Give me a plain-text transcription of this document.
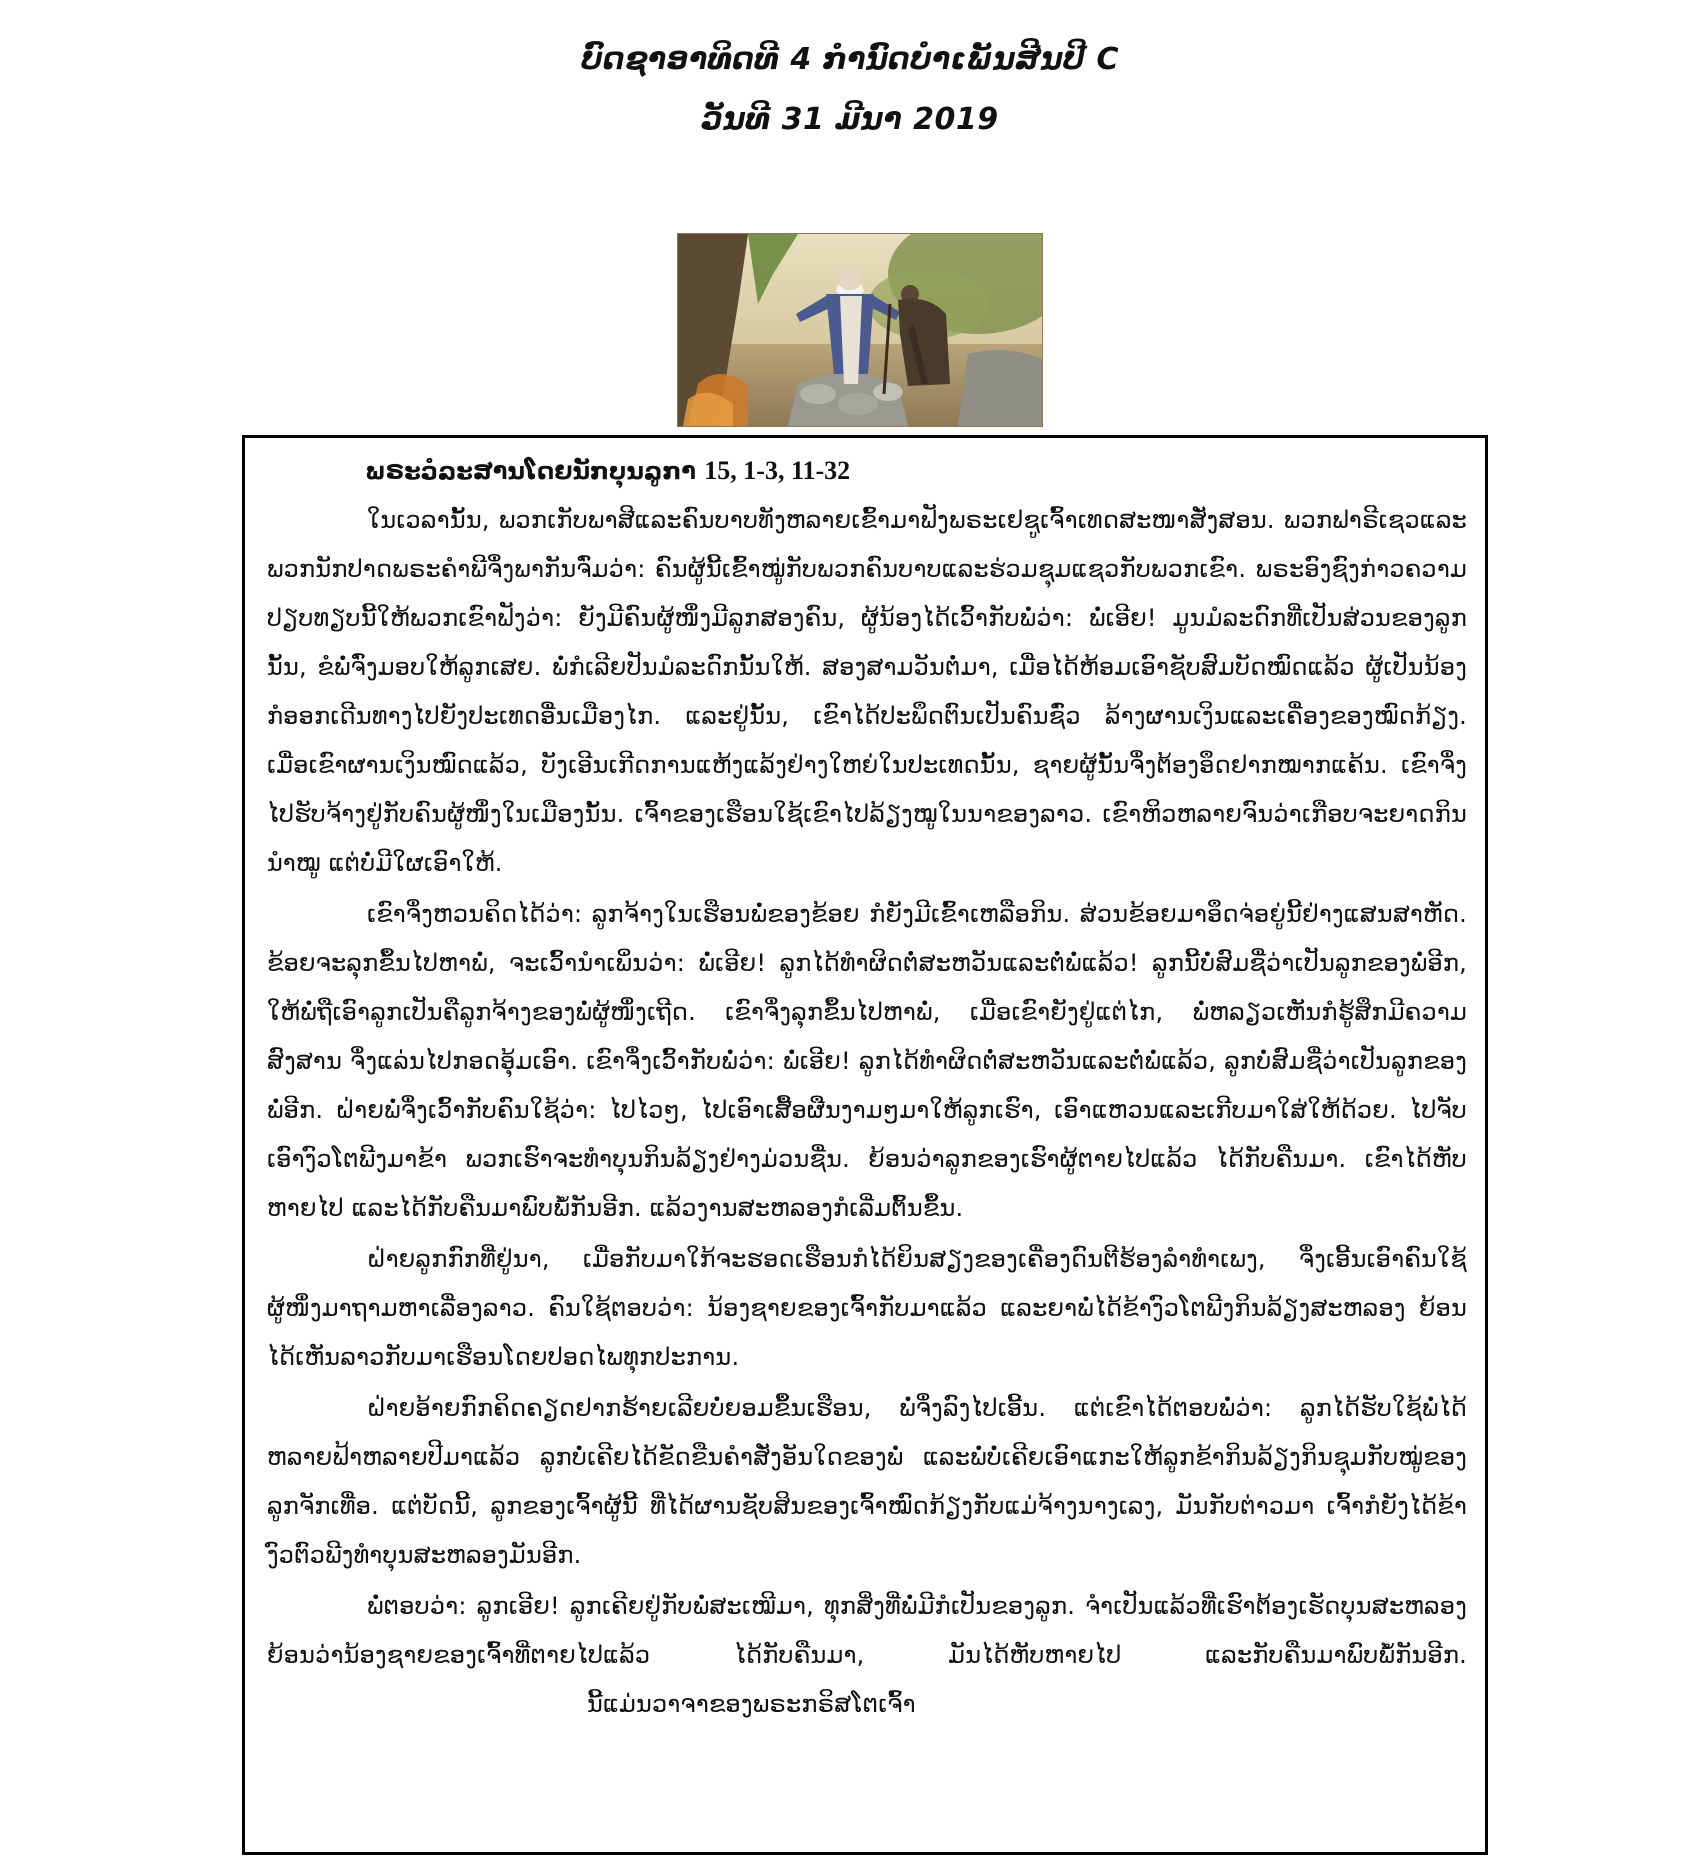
ບົດຊາອາທິດທີ 4 ກຳນົດບຳເພັນສີນປີ C
ວັນທີ 31 ມີນາ 2019
ພຣະວໍລະສານໂດຍນັກບຸນລູກາ 15, 1-3, 11-32

ໃນເວລານັ້ນ, ພວກເກັບພາສີແລະຄົນບາບທັງຫລາຍເຂົ້າມາຟັງພຣະເຢຊູເຈົ້າເທດສະໜາສັ່ງສອນ. ພວກຟາຣີເຊວແລະພວກນັກປາດພຣະຄຳພີຈຶ່ງພາກັນຈົ່ມວ່າ: ຄົນຜູ້ນີ້ເຂົ້າໝູ່ກັບພວກຄົນບາບແລະຮ່ວມຊຸມແຊວກັບພວກເຂົາ. ພຣະອົງຊົງກ່າວຄວາມປຽບທຽບນີ້ໃຫ້ພວກເຂົາຟັງວ່າ: ຍັງມີຄົນຜູ້ໜຶ່ງມີລູກສອງຄົນ, ຜູ້ນ້ອງໄດ້ເວົ້າກັບພໍ່ວ່າ: ພໍ່ເອີຍ! ມູນມໍລະດົກທີ່ເປັນສ່ວນຂອງລູກນັ້ນ, ຂໍພໍ່ຈົ່ງມອບໃຫ້ລູກເສຍ. ພໍ່ກໍເລີຍປັນມໍລະດົກນັ້ນໃຫ້. ສອງສາມວັນຕໍ່ມາ, ເມື່ອໄດ້ຫ້ອມເອົາຊັບສົມບັດໝົດແລ້ວ ຜູ້ເປັນນ້ອງກໍອອກເດີນທາງໄປຍັງປະເທດອື່ນເມືອງໄກ. ແລະຢູ່ນັ້ນ, ເຂົາໄດ້ປະພຶດຕົນເປັນຄົນຊົ່ວ ລ້າງຜານເງິນແລະເຄື່ອງຂອງໝົດກ້ຽງ. ເມື່ອເຂົາຜານເງິນໝົດແລ້ວ, ບັງເອີນເກີດການແຫ້ງແລ້ງຢ່າງໃຫຍ່ໃນປະເທດນັ້ນ, ຊາຍຜູ້ນັ້ນຈຶ່ງຕ້ອງອຶດຢາກໝາກແຄ້ນ. ເຂົາຈຶ່ງໄປຮັບຈ້າງຢູ່ກັບຄົນຜູ້ໜຶ່ງໃນເມືອງນັ້ນ. ເຈົ້າຂອງເຮືອນໃຊ້ເຂົາໄປລ້ຽງໝູໃນນາຂອງລາວ. ເຂົາຫິວຫລາຍຈົນວ່າເກືອບຈະຍາດກິນນຳໝູ ແຕ່ບໍ່ມີໃຜເອົາໃຫ້.

ເຂົາຈຶ່ງຫວນຄິດໄດ້ວ່າ: ລູກຈ້າງໃນເຮືອນພໍ່ຂອງຂ້ອຍ ກໍຍັງມີເຂົ້າເຫລືອກິນ. ສ່ວນຂ້ອຍມາອຶດຈ່ອຍູ່ນີ້ຢ່າງແສນສາຫັດ. ຂ້ອຍຈະລຸກຂຶ້ນໄປຫາພໍ່, ຈະເວົ້ານຳເພິ່ນວ່າ: ພໍ່ເອີຍ! ລູກໄດ້ທຳຜິດຕໍ່ສະຫວັນແລະຕໍ່ພໍ່ແລ້ວ! ລູກນີ້ບໍ່ສົມຊື່ວ່າເປັນລູກຂອງພໍ່ອີກ, ໃຫ້ພໍ່ຖືເອົາລູກເປັນຄືລູກຈ້າງຂອງພໍ່ຜູ້ໜຶ່ງເຖີດ. ເຂົາຈຶ່ງລຸກຂຶ້ນໄປຫາພໍ່, ເມື່ອເຂົາຍັງຢູ່ແຕ່ໄກ, ພໍ່ຫລຽວເຫັນກໍຮູ້ສຶກມີຄວາມສົງສານ ຈຶ່ງແລ່ນໄປກອດອຸ້ມເອົາ. ເຂົາຈຶ່ງເວົ້າກັບພໍ່ວ່າ: ພໍ່ເອີຍ! ລູກໄດ້ທຳຜິດຕໍ່ສະຫວັນແລະຕໍ່ພໍ່ແລ້ວ, ລູກບໍ່ສົມຊື່ວ່າເປັນລູກຂອງພໍ່ອີກ. ຝ່າຍພໍ່ຈຶ່ງເວົ້າກັບຄົນໃຊ້ວ່າ: ໄປໄວໆ, ໄປເອົາເສື້ອຜືນງາມໆມາໃຫ້ລູກເຮົາ, ເອົາແຫວນແລະເກີບມາໃສ່ໃຫ້ດ້ວຍ. ໄປຈັບເອົາງົວໂຕພີງມາຂ້າ ພວກເຮົາຈະທຳບຸນກິນລ້ຽງຢ່າງມ່ວນຊື່ນ. ຍ້ອນວ່າລູກຂອງເຮົາຜູ້ຕາຍໄປແລ້ວ ໄດ້ກັບຄືນມາ. ເຂົາໄດ້ຫັບຫາຍໄປ ແລະໄດ້ກັບຄືນມາພົບພໍ້ກັນອີກ. ແລ້ວງານສະຫລອງກໍເລີ່ມຕົ້ນຂຶ້ນ.

ຝ່າຍລູກກົກທີ່ຢູ່ນາ, ເມື່ອກັບມາໃກ້ຈະຮອດເຮືອນກໍໄດ້ຍິນສຽງຂອງເຄື່ອງດົນຕີຮ້ອງລຳທຳເພງ, ຈຶ່ງເອີ້ນເອົາຄົນໃຊ້ຜູ້ໜຶ່ງມາຖາມຫາເລື່ອງລາວ. ຄົນໃຊ້ຕອບວ່າ: ນ້ອງຊາຍຂອງເຈົ້າກັບມາແລ້ວ ແລະຍາພໍ່ໄດ້ຂ້າງົວໂຕພີງກິນລ້ຽງສະຫລອງ ຍ້ອນໄດ້ເຫັນລາວກັບມາເຮືອນໂດຍປອດໄພທຸກປະການ.

ຝ່າຍອ້າຍກົກຄິດຄຽດຢາກຮ້າຍເລີຍບໍ່ຍອມຂຶ້ນເຮືອນ, ພໍ່ຈຶ່ງລົງໄປເອີ້ນ. ແຕ່ເຂົາໄດ້ຕອບພໍ່ວ່າ: ລູກໄດ້ຮັບໃຊ້ພໍ່ໄດ້ຫລາຍຟ້າຫລາຍປີມາແລ້ວ ລູກບໍ່ເຄີຍໄດ້ຂັດຂືນຄຳສັ່ງອັນໃດຂອງພໍ່ ແລະພໍ່ບໍ່ເຄີຍເອົາແກະໃຫ້ລູກຂ້າກິນລ້ຽງກິນຊຸມກັບໝູ່ຂອງລູກຈັກເທື່ອ. ແຕ່ບັດນີ້, ລູກຂອງເຈົ້າຜູ້ນີ້ ທີ່ໄດ້ຜານຊັບສິນຂອງເຈົ້າໝົດກ້ຽງກັບແມ່ຈ້າງນາງເລງ, ມັນກັບຕ່າວມາ ເຈົ້າກໍຍັງໄດ້ຂ້າງົວຕົວພີງທຳບຸນສະຫລອງມັນອີກ.

ພໍ່ຕອບວ່າ: ລູກເອີຍ! ລູກເຄີຍຢູ່ກັບພໍ່ສະເໝີມາ, ທຸກສິ່ງທີ່ພໍ່ມີກໍເປັນຂອງລູກ. ຈຳເປັນແລ້ວທີ່ເຮົາຕ້ອງເຮັດບຸນສະຫລອງ ຍ້ອນວ່ານ້ອງຊາຍຂອງເຈົ້າທີ່ຕາຍໄປແລ້ວ ໄດ້ກັບຄືນມາ, ມັນໄດ້ຫັບຫາຍໄປ ແລະກັບຄືນມາພົບພໍ້ກັນອີກ.ນີ້ແມ່ນວາຈາຂອງພຣະກຣິສໂຕເຈົ້າ
